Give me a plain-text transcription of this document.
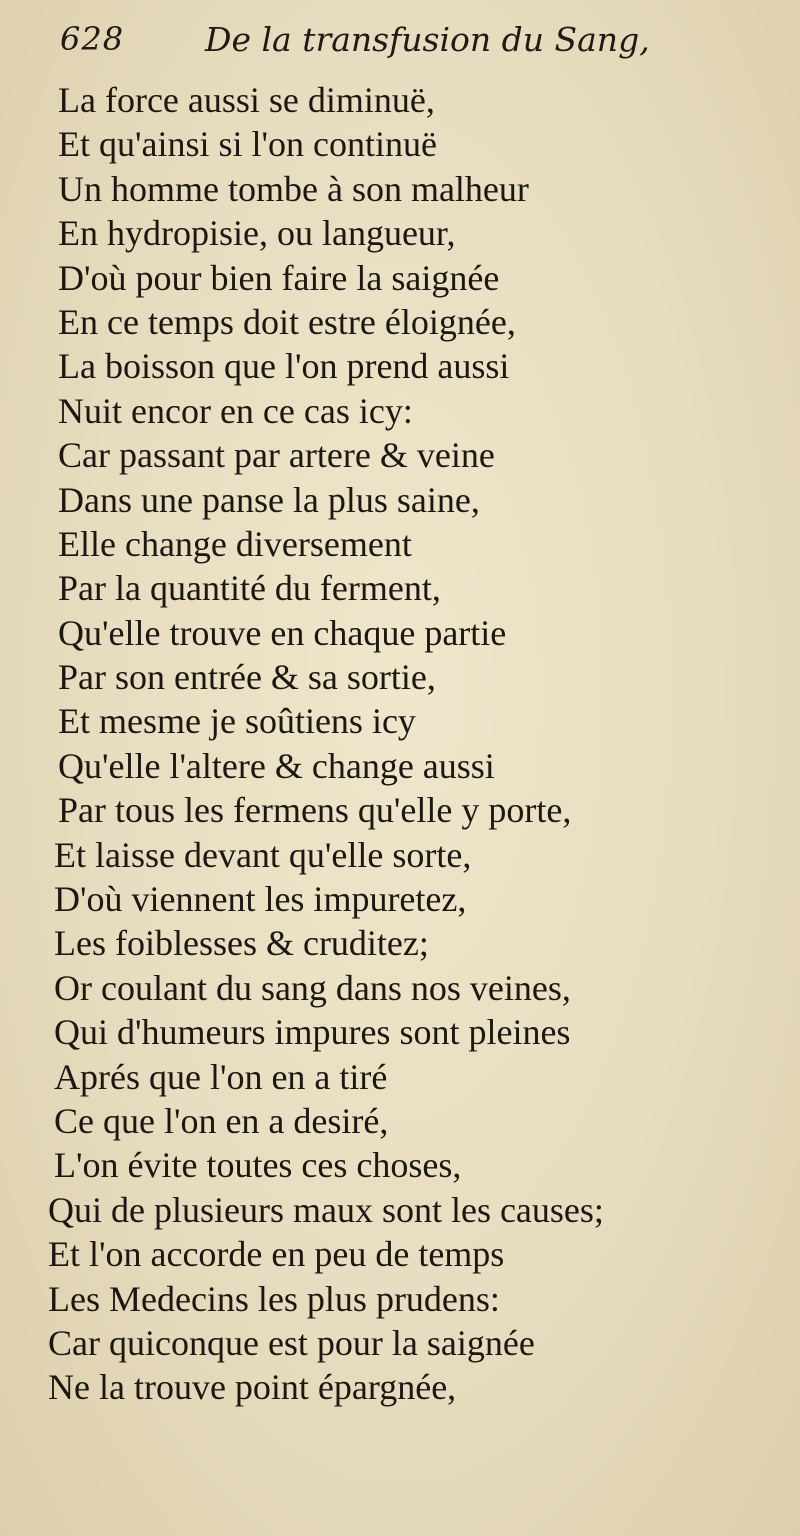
628 De la transfusion du Sang,
La force aussi se diminuë,
Et qu'ainsi si l'on continuë
Un homme tombe à son malheur
En hydropisie, ou langueur,
D'où pour bien faire la saignée
En ce temps doit estre éloignée,
La boisson que l'on prend aussi
Nuit encor en ce cas icy:
Car passant par artere & veine
Dans une panse la plus saine,
Elle change diversement
Par la quantité du ferment,
Qu'elle trouve en chaque partie
Par son entrée & sa sortie,
Et mesme je soûtiens icy
Qu'elle l'altere & change aussi
Par tous les fermens qu'elle y porte,
Et laisse devant qu'elle sorte,
D'où viennent les impuretez,
Les foiblesses & cruditez;
Or coulant du sang dans nos veines,
Qui d'humeurs impures sont pleines
Aprés que l'on en a tiré
Ce que l'on en a desiré,
L'on évite toutes ces choses,
Qui de plusieurs maux sont les causes;
Et l'on accorde en peu de temps
Les Medecins les plus prudens:
Car quiconque est pour la saignée
Ne la trouve point épargnée,
